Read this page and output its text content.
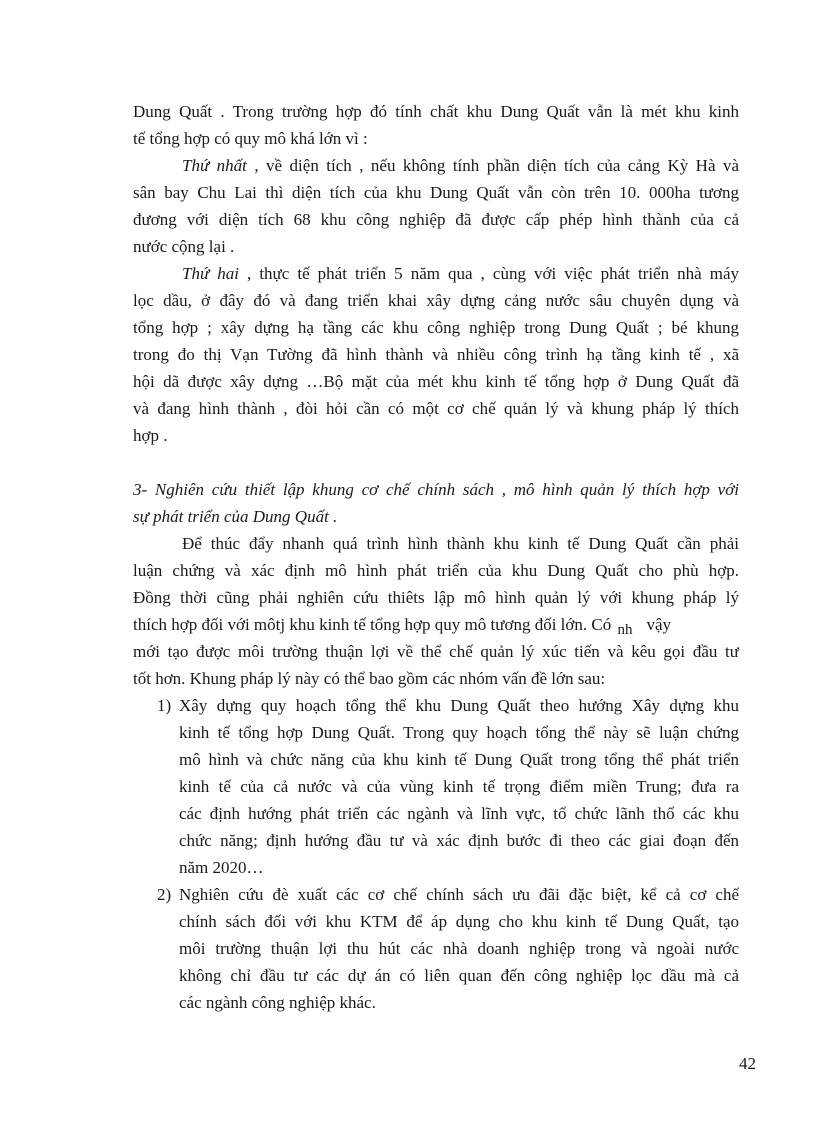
Dung Quất . Trong trường hợp đó tính chất khu Dung Quất vẫn là mét khu kinh

tế tổng hợp có quy mô khá lớn vì :

Thứ nhất , về diện tích , nếu không tính phần diện tích của cảng Kỳ Hà và

sân bay Chu Lai thì diện tích của khu Dung Quất vẫn còn trên 10. 000ha tương

đương với diện tích 68 khu công nghiệp đã được cấp phép hình thành của cả

nước cộng lại .

Thứ hai , thực tế phát triển 5 năm qua , cùng với việc phát triển nhà máy

lọc dầu, ở đây đó và đang triển khai xây dựng cảng nước sâu chuyên dụng và

tổng hợp ; xây dựng hạ tầng các khu công nghiệp trong Dung Quất ; bé khung

trong đo thị Vạn Tường đã hình thành và nhiều công trình hạ tầng kinh tế , xã

hội dã được xây dựng …Bộ mặt của mét khu kinh tế tổng hợp ở Dung Quất đã

và đang hình thành , đòi hỏi cần có một cơ chế quản lý và khung pháp lý thích

hợp .

3- Nghiên cứu thiết lập khung cơ chế chính sách , mô hình quản lý thích hợp với

sự phát triển của Dung Quất .

Để thúc đẩy nhanh quá trình hình thành khu kinh tế Dung Quất cần phải

luận chứng và xác định mô hình phát triển của khu Dung Quất cho phù hợp.

Đồng thời cũng phải nghiên cứu thiêts lập mô hình quản lý với khung pháp lý

thích hợp đối với môtj khu kinh tế tổng hợp quy mô tương đối lớn. Có nh vậy

mới tạo được môi trường thuận lợi về thể chế quản lý xúc tiến và kêu gọi đầu tư

tốt hơn. Khung pháp lý này có thể bao gồm các nhóm vấn đề lớn sau:

1) Xây dựng quy hoạch tổng thể khu Dung Quất theo hướng Xây dựng khu

kinh tế tổng hợp Dung Quất. Trong quy hoạch tổng thể này sẽ luận chứng

mô hình và chức năng của khu kinh tế Dung Quất trong tổng thể phát triển

kinh tế của cả nước và của vùng kinh tế trọng điểm miền Trung; đưa ra

các định hướng phát triển các ngành và lĩnh vực, tổ chức lãnh thổ các khu

chức năng; định hướng đầu tư và xác định bước đi theo các giai đoạn đến

năm 2020…

2) Nghiên cứu đè xuất các cơ chế chính sách ưu đãi đặc biệt, kể cả cơ chế

chính sách đối với khu KTM để áp dụng cho khu kinh tế Dung Quất, tạo

môi trường thuận lợi thu hút các nhà doanh nghiệp trong và ngoài nước

không chỉ đầu tư các dự án có liên quan đến công nghiệp lọc dầu mà cả

các ngành công nghiệp khác.

42
